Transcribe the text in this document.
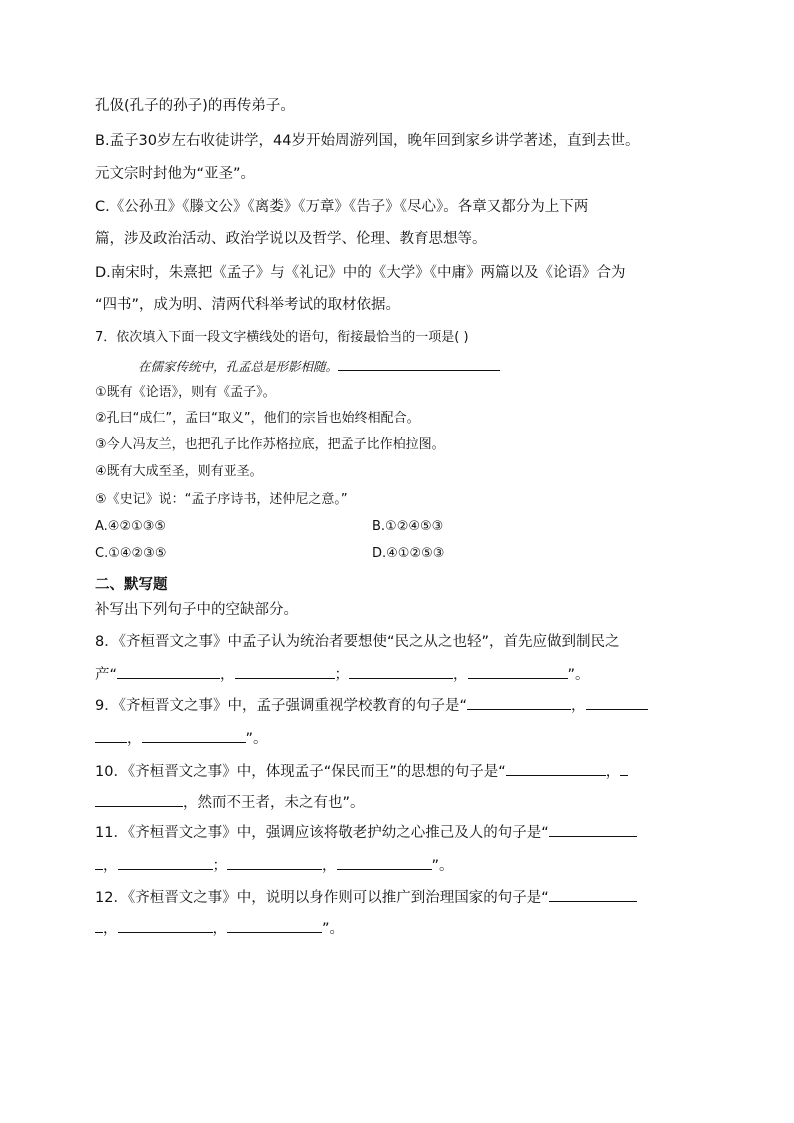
孔伋(孔子的孙子)的再传弟子。
B.孟子30岁左右收徒讲学，44岁开始周游列国，晚年回到家乡讲学著述，直到去世。
元文宗时封他为“亚圣”。
C.《公孙丑》《滕文公》《离娄》《万章》《告子》《尽心》。各章又都分为上下两
篇，涉及政治活动、政治学说以及哲学、伦理、教育思想等。
D.南宋时，朱熹把《孟子》与《礼记》中的《大学》《中庸》两篇以及《论语》合为
“四书”，成为明、清两代科举考试的取材依据。
7．依次填入下面一段文字横线处的语句，衔接最恰当的一项是( )
在儒家传统中，孔孟总是形影相随。
①既有《论语》，则有《孟子》。
②孔曰“成仁”，孟曰“取义”，他们的宗旨也始终相配合。
③今人冯友兰，也把孔子比作苏格拉底，把孟子比作柏拉图。
④既有大成至圣，则有亚圣。
⑤《史记》说：“孟子序诗书，述仲尼之意。”
A.④②①③⑤	B.①②④⑤③
C.①④②③⑤	D.④①②⑤③
二、默写题
补写出下列句子中的空缺部分。
8．《齐桓晋文之事》中孟子认为统治者要想使“民之从之也轻”，首先应做到制民之
产“	，	；	，	”。
9．《齐桓晋文之事》中，孟子强调重视学校教育的句子是“	，
，	”。
10．《齐桓晋文之事》中，体现孟子“保民而王”的思想的句子是“	，
，然而不王者，未之有也”。
11．《齐桓晋文之事》中，强调应该将敬老护幼之心推己及人的句子是“
，	；	，	”。
12．《齐桓晋文之事》中，说明以身作则可以推广到治理国家的句子是“
，	，	”。
